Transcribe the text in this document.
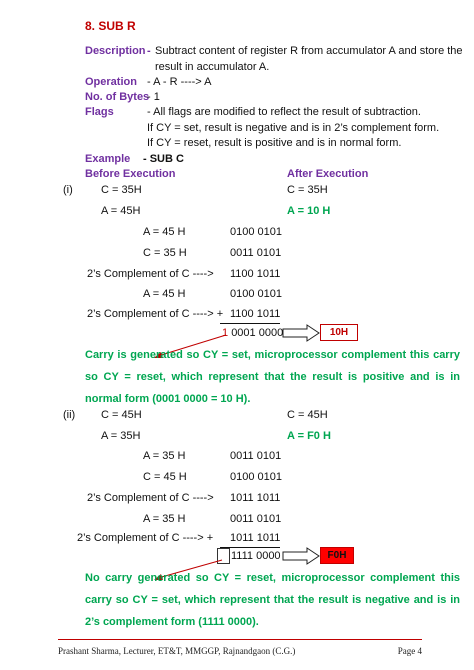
8. SUB R
Description - Subtract content of register R from accumulator A and store the
result in accumulator A.
Operation - A - R ----> A
No. of Bytes
- 1
Flags	- All flags are modified to reflect the result of subtraction.
If CY = set, result is negative and is in 2’s complement form.
If CY = reset, result is positive and is in normal form.
Example - SUB C
Before Execution	After Execution
(i)	C = 35H	C = 35H
A = 45H	A = 10 H
A = 45 H	0100 0101
C = 35 H	0011 0101
2’s Complement of C ----> 1100 1011
A = 45 H	0100 0101
2’s Complement of C ----> + 1100 1011
1 0001 0000	10H
Carry is generated so CY = set, microprocessor complement this carry so CY = reset, which represent that the result is positive and is in normal form (0001 0000 = 10 H).
(ii) C = 45H	C = 45H
A = 35H	A = F0 H
A = 35 H	0011 0101
C = 45 H	0100 0101
2’s Complement of C ----> 1011 1011
A = 35 H	0011 0101
2’s Complement of C ----> + 1011 1011
1111 0000	F0H
No carry generated so CY = reset, microprocessor complement this carry so CY = set, which represent that the result is negative and is in 2’s complement form (1111 0000).
Prashant Sharma, Lecturer, ET&T, MMGGP, Rajnandgaon (C.G.)	Page 4
